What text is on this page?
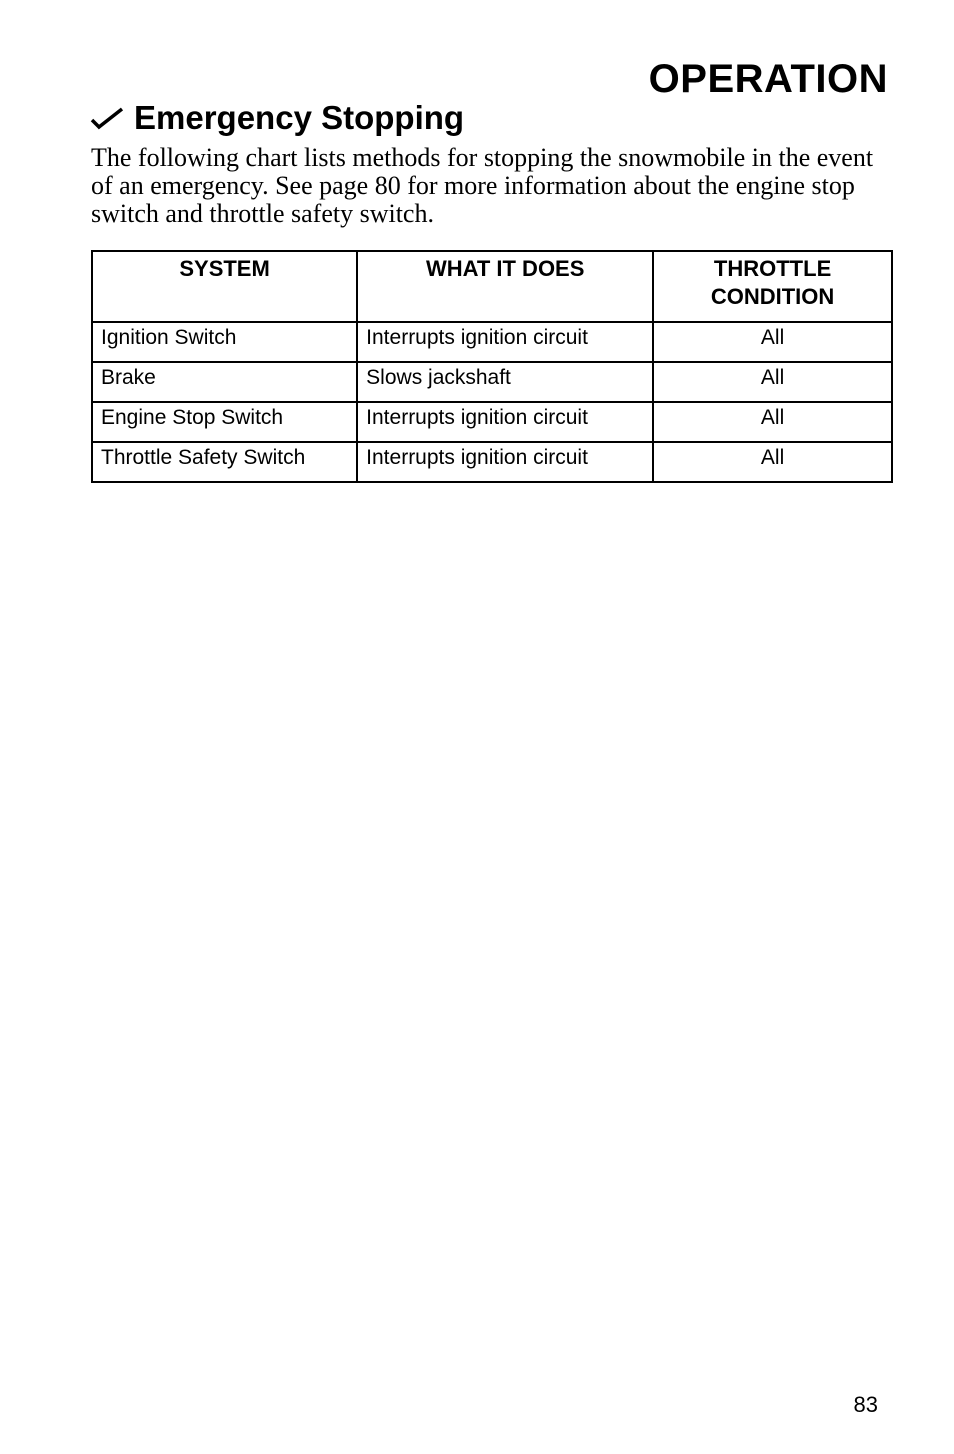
OPERATION
Emergency Stopping

The following chart lists methods for stopping the snowmobile in the event of an emergency. See page 80 for more information about the engine stop switch and throttle safety switch.

SYSTEM	WHAT IT DOES	THROTTLE CONDITION
Ignition Switch	Interrupts ignition circuit	All
Brake	Slows jackshaft	All
Engine Stop Switch	Interrupts ignition circuit	All
Throttle Safety Switch	Interrupts ignition circuit	All

83
